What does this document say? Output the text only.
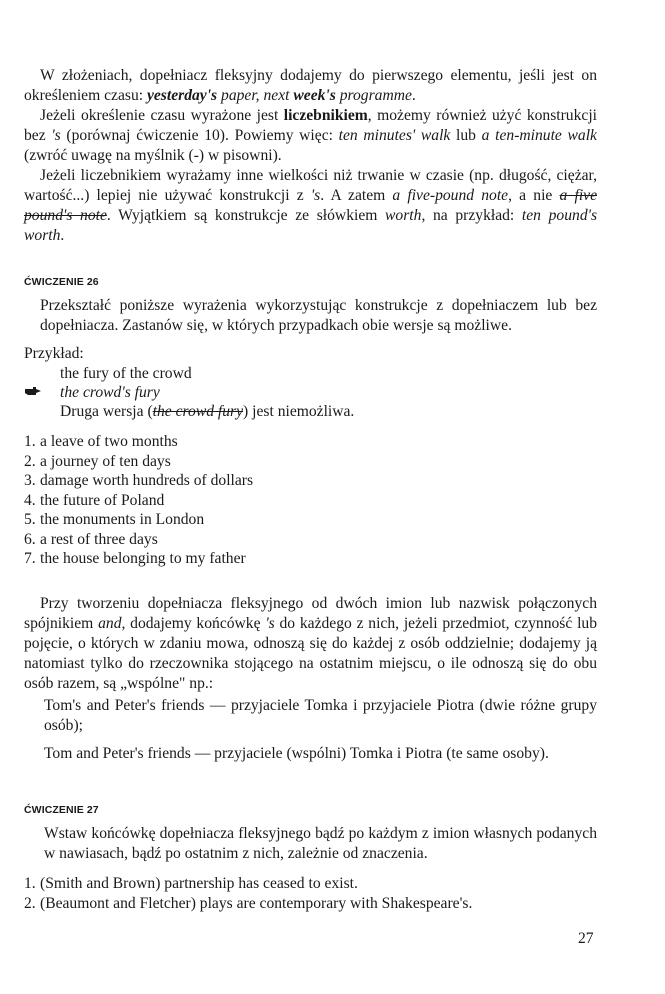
W złożeniach, dopełniacz fleksyjny dodajemy do pierwszego elementu, jeśli jest on określeniem czasu: yesterday's paper, next week's programme.

Jeżeli określenie czasu wyrażone jest liczebnikiem, możemy również użyć konstrukcji bez 's (porównaj ćwiczenie 10). Powiemy więc: ten minutes' walk lub a ten-minute walk (zwróć uwagę na myślnik (-) w pisowni).

Jeżeli liczebnikiem wyrażamy inne wielkości niż trwanie w czasie (np. długość, ciężar, wartość...) lepiej nie używać konstrukcji z 's. A zatem a five-pound note, a nie a five pound's note. Wyjątkiem są konstrukcje ze słówkiem worth, na przykład: ten pound's worth.

ĆWICZENIE 26

Przekształć poniższe wyrażenia wykorzystując konstrukcje z dopełniaczem lub bez dopełniacza. Zastanów się, w których przypadkach obie wersje są możliwe.

Przykład:
the fury of the crowd
the crowd's fury
Druga wersja (the crowd fury) jest niemożliwa.
1. a leave of two months
2. a journey of ten days
3. damage worth hundreds of dollars
4. the future of Poland
5. the monuments in London
6. a rest of three days
7. the house belonging to my father

Przy tworzeniu dopełniacza fleksyjnego od dwóch imion lub nazwisk połączonych spójnikiem and, dodajemy końcówkę 's do każdego z nich, jeżeli przedmiot, czynność lub pojęcie, o których w zdaniu mowa, odnoszą się do każdej z osób oddzielnie; dodajemy ją natomiast tylko do rzeczownika stojącego na ostatnim miejscu, o ile odnoszą się do obu osób razem, są „wspólne" np.:

Tom's and Peter's friends — przyjaciele Tomka i przyjaciele Piotra (dwie różne grupy osób);

Tom and Peter's friends — przyjaciele (wspólni) Tomka i Piotra (te same osoby).

ĆWICZENIE 27

Wstaw końcówkę dopełniacza fleksyjnego bądź po każdym z imion własnych podanych w nawiasach, bądź po ostatnim z nich, zależnie od znaczenia.

1. (Smith and Brown) partnership has ceased to exist.
2. (Beaumont and Fletcher) plays are contemporary with Shakespeare's.
27
